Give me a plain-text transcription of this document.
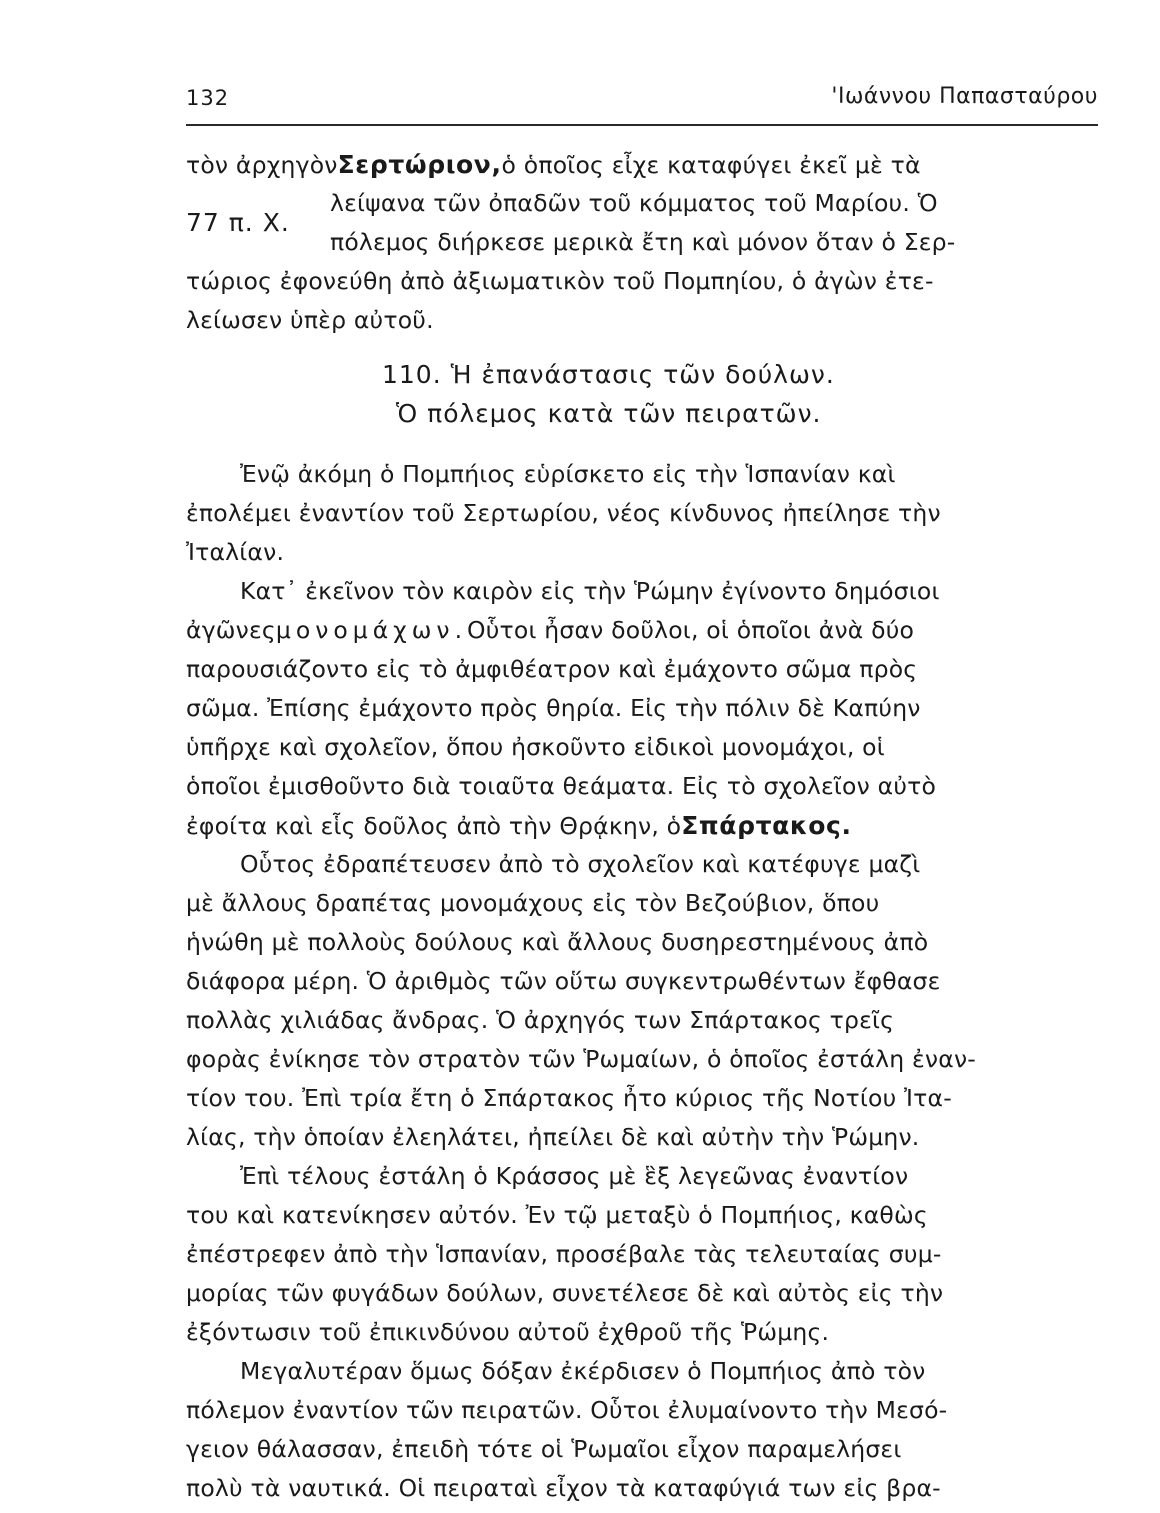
132	'Ιωάννου Παπασταύρου
τὸν ἀρχηγὸν Σερτώριον, ὁ ὁποῖος εἶχε καταφύγει ἐκεῖ μὲ τὰ
77 π. Χ.
λείψανα τῶν ὀπαδῶν τοῦ κόμματος τοῦ Μαρίου. Ὁ
πόλεμος διήρκεσε μερικὰ ἔτη καὶ μόνον ὅταν ὁ Σερ-
τώριος ἐφονεύθη ἀπὸ ἀξιωματικὸν τοῦ Πομπηίου, ὁ ἀγὼν ἐτε-
λείωσεν ὑπὲρ αὐτοῦ.
110. Ἡ ἐπανάστασις τῶν δούλων.
Ὁ πόλεμος κατὰ τῶν πειρατῶν.
Ἐνῷ ἀκόμη ὁ Πομπήιος εὑρίσκετο εἰς τὴν Ἱσπανίαν καὶ
ἐπολέμει ἐναντίον τοῦ Σερτωρίου, νέος κίνδυνος ἠπείλησε τὴν
Ἰταλίαν.
Κατ᾿ ἐκεῖνον τὸν καιρὸν εἰς τὴν Ῥώμην ἐγίνοντο δημόσιοι
ἀγῶνες μονομάχων. Οὗτοι ἦσαν δοῦλοι, οἱ ὁποῖοι ἀνὰ δύο
παρουσιάζοντο εἰς τὸ ἀμφιθέατρον καὶ ἐμάχοντο σῶμα πρὸς
σῶμα. Ἐπίσης ἐμάχοντο πρὸς θηρία. Εἰς τὴν πόλιν δὲ Καπύην
ὑπῆρχε καὶ σχολεῖον, ὅπου ἠσκοῦντο εἰδικοὶ μονομάχοι, οἱ
ὁποῖοι ἐμισθοῦντο διὰ τοιαῦτα θεάματα. Εἰς τὸ σχολεῖον αὐτὸ
ἐφοίτα καὶ εἷς δοῦλος ἀπὸ τὴν Θρᾴκην, ὁ Σπάρτακος.
Οὗτος ἐδραπέτευσεν ἀπὸ τὸ σχολεῖον καὶ κατέφυγε μαζὶ
μὲ ἄλλους δραπέτας μονομάχους εἰς τὸν Βεζούβιον, ὅπου
ἡνώθη μὲ πολλοὺς δούλους καὶ ἄλλους δυσηρεστημένους ἀπὸ
διάφορα μέρη. Ὁ ἀριθμὸς τῶν οὕτω συγκεντρωθέντων ἔφθασε
πολλὰς χιλιάδας ἄνδρας. Ὁ ἀρχηγός των Σπάρτακος τρεῖς
φορὰς ἐνίκησε τὸν στρατὸν τῶν Ῥωμαίων, ὁ ὁποῖος ἐστάλη ἐναν-
τίον του. Ἐπὶ τρία ἔτη ὁ Σπάρτακος ἦτο κύριος τῆς Νοτίου Ἰτα-
λίας, τὴν ὁποίαν ἐλεηλάτει, ἠπείλει δὲ καὶ αὐτὴν τὴν Ῥώμην.
Ἐπὶ τέλους ἐστάλη ὁ Κράσσος μὲ ἓξ λεγεῶνας ἐναντίον
του καὶ κατενίκησεν αὐτόν. Ἐν τῷ μεταξὺ ὁ Πομπήιος, καθὼς
ἐπέστρεφεν ἀπὸ τὴν Ἱσπανίαν, προσέβαλε τὰς τελευταίας συμ-
μορίας τῶν φυγάδων δούλων, συνετέλεσε δὲ καὶ αὐτὸς εἰς τὴν
ἐξόντωσιν τοῦ ἐπικινδύνου αὐτοῦ ἐχθροῦ τῆς Ῥώμης.
Μεγαλυτέραν ὅμως δόξαν ἐκέρδισεν ὁ Πομπήιος ἀπὸ τὸν
πόλεμον ἐναντίον τῶν πειρατῶν. Οὗτοι ἐλυμαίνοντο τὴν Μεσό-
γειον θάλασσαν, ἐπειδὴ τότε οἱ Ῥωμαῖοι εἶχον παραμελήσει
πολὺ τὰ ναυτικά. Οἱ πειραταὶ εἶχον τὰ καταφύγιά των εἰς βρα-
